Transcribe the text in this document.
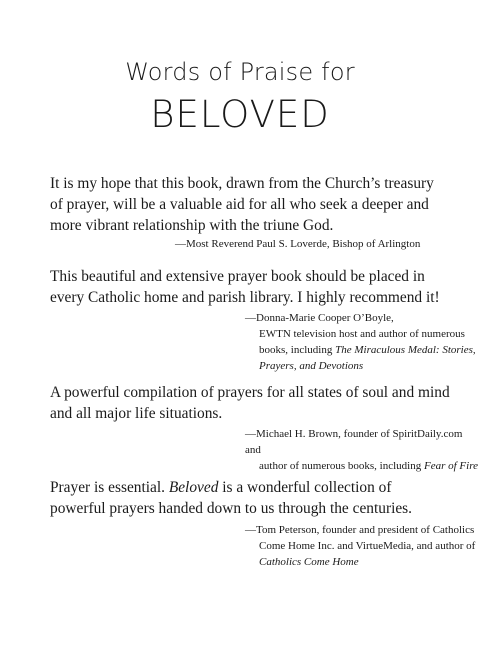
Words of Praise for
BELOVED

It is my hope that this book, drawn from the Church’s treasury of prayer, will be a valuable aid for all who seek a deeper and more vibrant relationship with the triune God.

—Most Reverend Paul S. Loverde, Bishop of Arlington

This beautiful and extensive prayer book should be placed in every Catholic home and parish library. I highly recommend it!

—Donna-Marie Cooper O’Boyle,
EWTN television host and author of numerous
books, including The Miraculous Medal: Stories,
Prayers, and Devotions

A powerful compilation of prayers for all states of soul and mind and all major life situations.

—Michael H. Brown, founder of SpiritDaily.com and
author of numerous books, including Fear of Fire

Prayer is essential. Beloved is a wonderful collection of powerful prayers handed down to us through the centuries.

—Tom Peterson, founder and president of Catholics
Come Home Inc. and VirtueMedia, and author of
Catholics Come Home
